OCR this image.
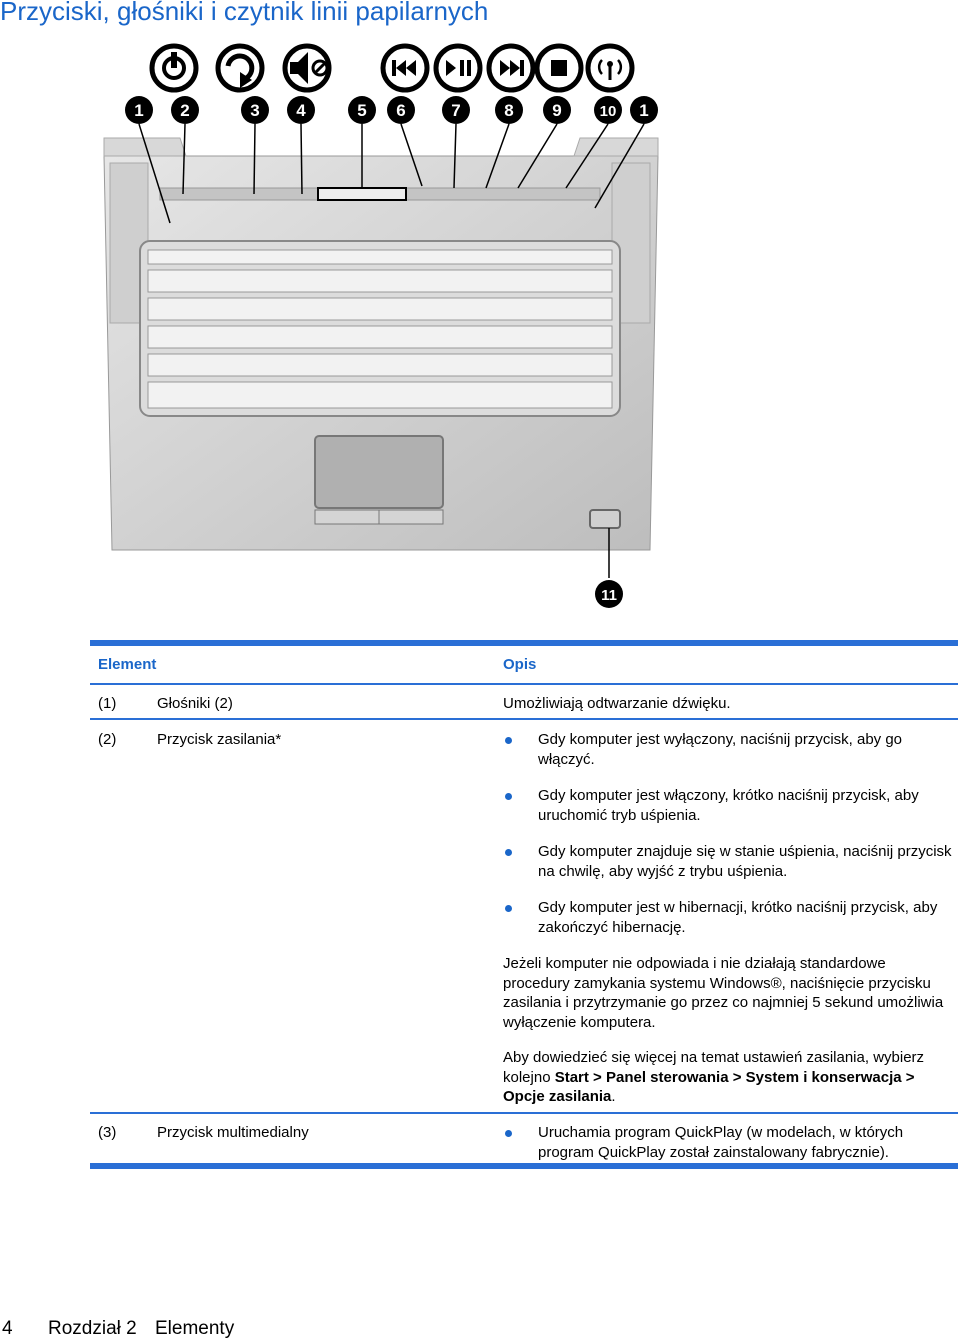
Przyciski, głośniki i czytnik linii papilarnych
1 2	3 4	5 6	7	8 9	10 1
11
Element	Opis
(1)	Głośniki (2)	Umożliwiają odtwarzanie dźwięku.
(2)	Przycisk zasilania*	Gdy komputer jest wyłączony, naciśnij przycisk, aby go włączyć.
Gdy komputer jest włączony, krótko naciśnij przycisk, aby uruchomić tryb uśpienia.
Gdy komputer znajduje się w stanie uśpienia, naciśnij przycisk na chwilę, aby wyjść z trybu uśpienia.
Gdy komputer jest w hibernacji, krótko naciśnij przycisk, aby zakończyć hibernację.
Jeżeli komputer nie odpowiada i nie działają standardowe procedury zamykania systemu Windows®, naciśnięcie przycisku zasilania i przytrzymanie go przez co najmniej 5 sekund umożliwia wyłączenie komputera.
Aby dowiedzieć się więcej na temat ustawień zasilania, wybierz kolejno Start > Panel sterowania > System i konserwacja > Opcje zasilania.
(3)	Przycisk multimedialny	Uruchamia program QuickPlay (w modelach, w których program QuickPlay został zainstalowany fabrycznie).
4 Rozdział 2 Elementy
